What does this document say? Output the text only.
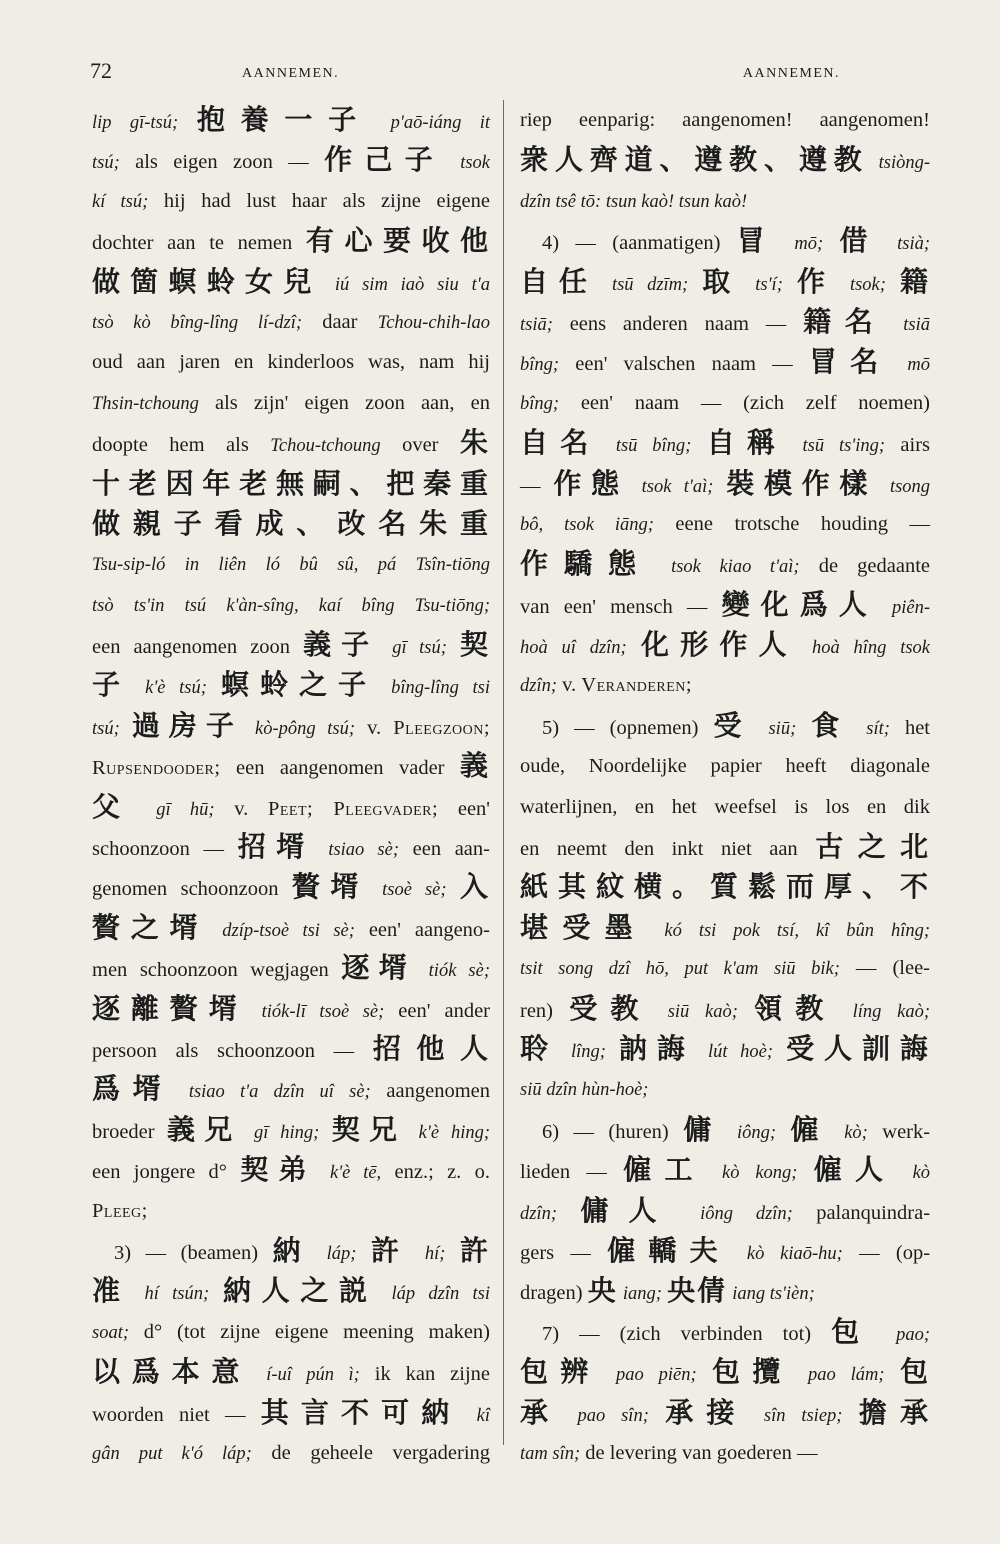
72	AANNEMEN.	AANNEMEN.
lip gī-tsú; 抱養一子 p'aō-iáng it
tsú; als eigen zoon — 作己子 tsok
kí tsú; hij had lust haar als zijne eigene
dochter aan te nemen 有心要收他
做箇螟蛉女兒 iú sim iaò siu t'a
tsò kò bîng-lîng lí-dzî; daar Tchou-chih-lao
oud aan jaren en kinderloos was, nam hij
Thsin-tchoung als zijn' eigen zoon aan, en
doopte hem als Tchou-tchoung over 朱
十老因年老無嗣、把秦重
做親子看成、改名朱重
Tsu-sip-ló in liên ló bû sû, pá Tsîn-tiōng
tsò ts'in tsú k'àn-sîng, kaí bîng Tsu-tiōng;
een aangenomen zoon 義子 gī tsú; 契
子 k'è tsú; 螟蛉之子 bîng-lîng tsi
tsú; 過房子 kò-pông tsú; v. Pleegzoon;
Rupsendooder; een aangenomen vader 義
父 gī hū; v. Peet; Pleegvader; een'
schoonzoon — 招壻 tsiao sè; een aan-
genomen schoonzoon 贅壻 tsoè sè; 入
贅之壻 dzíp-tsoè tsi sè; een' aangeno-
men schoonzoon wegjagen 逐壻 tiók sè;
逐離贅壻 tiók-lī tsoè sè; een' ander
persoon als schoonzoon — 招他人
爲壻 tsiao t'a dzîn uî sè; aangenomen
broeder 義兄 gī hing; 契兄 k'è hing;
een jongere d° 契弟 k'è tē, enz.; z. o.
Pleeg;
3) — (beamen) 納 láp; 許 hí; 許
准 hí tsún; 納人之説 láp dzîn tsi
soat; d° (tot zijne eigene meening maken)
以爲本意 í-uî pún ì; ik kan zijne
woorden niet — 其言不可納 kî
gân put k'ó láp; de geheele vergadering
riep eenparig: aangenomen! aangenomen!
衆人齊道、遵教、遵教 tsiòng-
dzîn tsê tō: tsun kaò! tsun kaò!
4) — (aanmatigen) 冒 mō; 借 tsià;
自任 tsū dzīm; 取 ts'í; 作 tsok; 籍
tsiā; eens anderen naam — 籍名 tsiā
bîng; een' valschen naam — 冒名 mō
bîng; een' naam — (zich zelf noemen)
自名 tsū bîng; 自稱 tsū ts'ing; airs
— 作態 tsok t'aì; 裝模作樣 tsong
bô, tsok iāng; eene trotsche houding —
作驕態 tsok kiao t'aì; de gedaante
van een' mensch — 變化爲人 piên-
hoà uî dzîn; 化形作人 hoà hîng tsok
dzîn; v. Veranderen;
5) — (opnemen) 受 siū; 食 sít; het
oude, Noordelijke papier heeft diagonale
waterlijnen, en het weefsel is los en dik
en neemt den inkt niet aan 古之北
紙其紋横。質鬆而厚、不
堪受墨 kó tsi pok tsí, kî bûn hîng;
tsit song dzî hō, put k'am siū bik; — (lee-
ren) 受教 siū kaò; 領教 líng kaò;
聆 lîng; 訥誨 lút hoè; 受人訓誨
siū dzîn hùn-hoè;
6) — (huren) 傭 iông; 僱 kò; werk-
lieden — 僱工 kò kong; 僱人 kò
dzîn; 傭人 iông dzîn; palanquindra-
gers — 僱轎夫 kò kiaō-hu; — (op-
dragen) 央 iang; 央倩 iang ts'ièn;
7) — (zich verbinden tot) 包 pao;
包辨 pao piēn; 包攬 pao lám; 包
承 pao sîn; 承接 sîn tsiep; 擔承
tam sîn; de levering van goederen —
